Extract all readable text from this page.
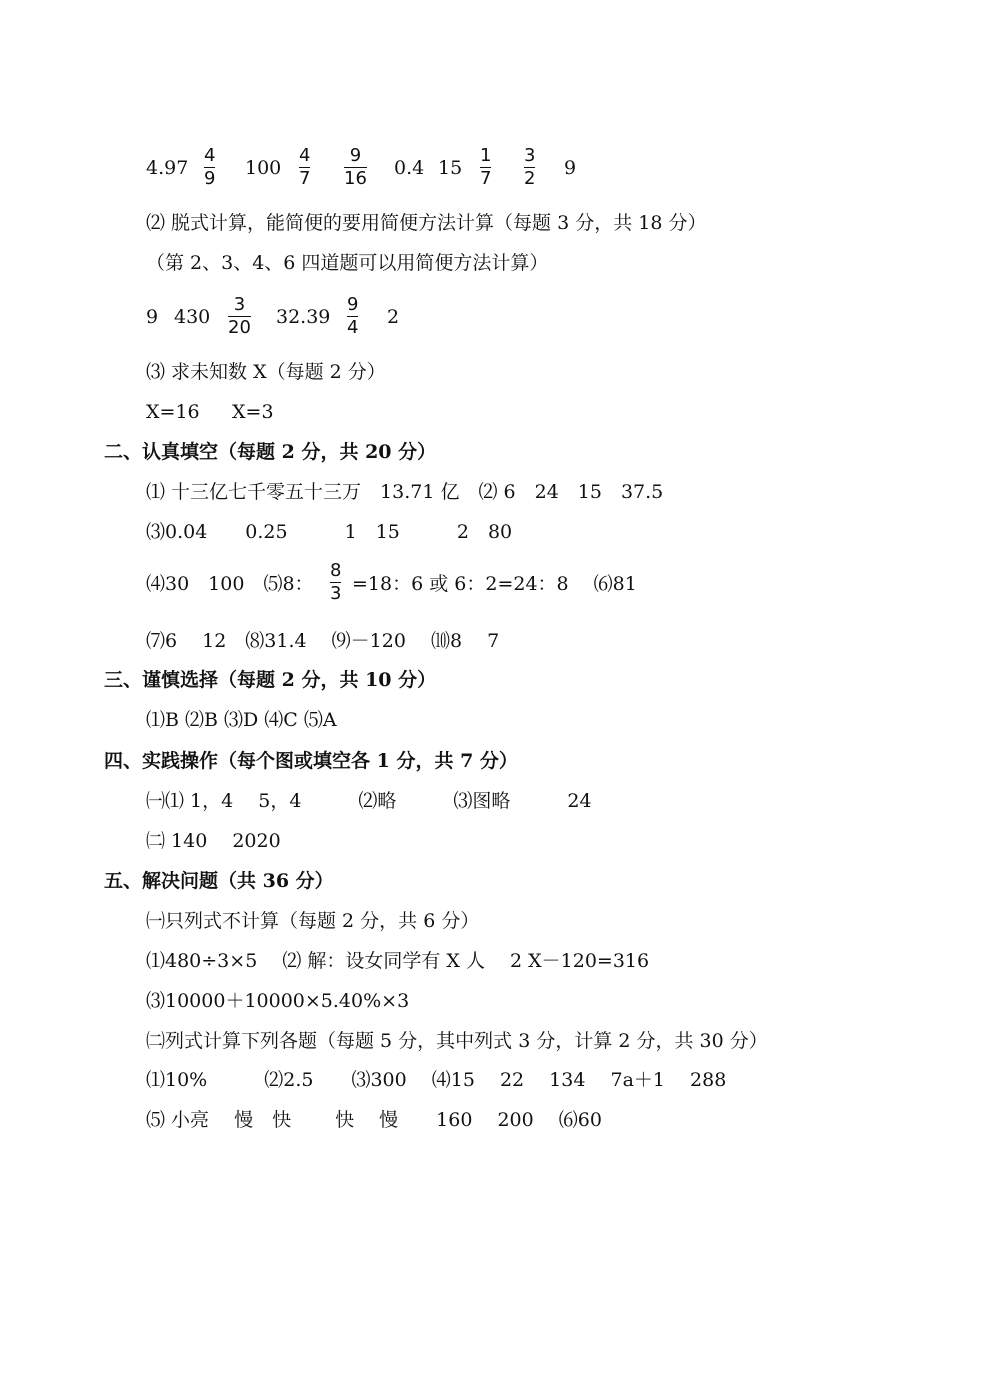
4.97
4
9 100
4
7
9
16 0.4 15
1
7
3
2 9
⑵ 脱式计算，能简便的要用简便方法计算（每题 3 分，共 18 分）
（第 2、3、4、6 四道题可以用简便方法计算）
9 430
3
20 32.39
9
4 2
⑶ 求未知数 X（每题 2 分）
X=16 X=3
二、认真填空（每题 2 分，共 20 分）
⑴ 十三亿七千零五十三万　13.71 亿　⑵ 6　24　15　37.5
⑶0.04　　0.25　　　1　15　　　2　80
⑷30　100　⑸8：
8
3 =18：6 或 6：2=24：8　 ⑹81
⑺6　 12　⑻31.4　 ⑼－120　 ⑽8　 7
三、谨慎选择（每题 2 分，共 10 分）
⑴B ⑵B ⑶D ⑷C ⑸A
四、实践操作（每个图或填空各 1 分，共 7 分）
㈠⑴ 1，4　 5，4　　　⑵略　　　⑶图略　　　24
㈡ 140　 2020
五、解决问题（共 36 分）
㈠只列式不计算（每题 2 分，共 6 分）
⑴480÷3×5　 ⑵ 解：设女同学有 X 人　 2 X－120=316
⑶10000＋10000×5.40%×3
㈡列式计算下列各题（每题 5 分，其中列式 3 分，计算 2 分，共 30 分）
⑴10%　　　⑵2.5　　⑶300　 ⑷15　 22　 134　 7a＋1　 288
⑸ 小亮　 慢　快　　 快　 慢　　160　 200　 ⑹60
